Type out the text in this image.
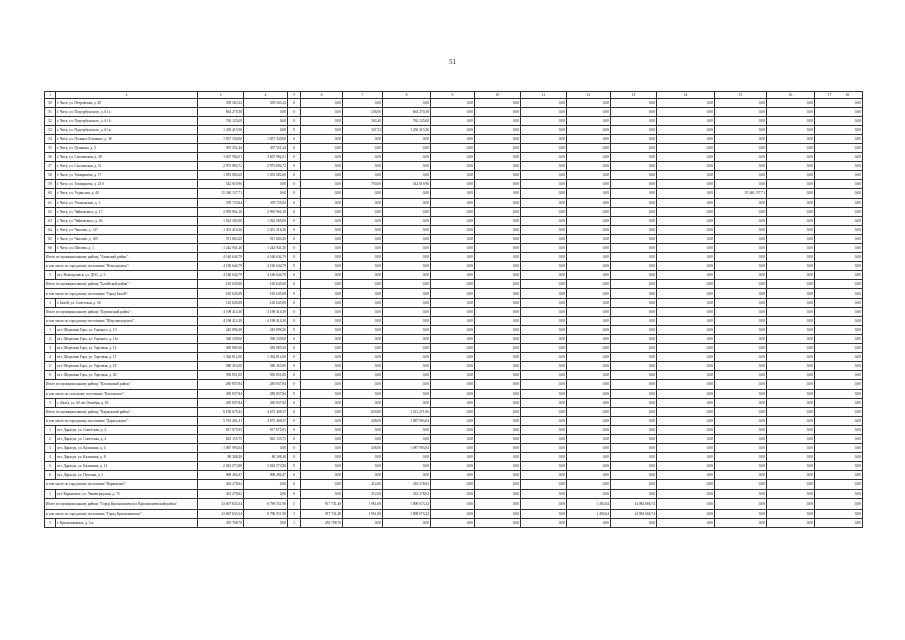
51
1	2	3	4	5	6	7	8	9	10	11	12	13	14	15	16	17 18
50	г. Чита, ул. Петровская, д. 40	339 563,32	339 563,32	0	0,00	0,00	0,00	0,00	0,00	0,00	0,00	0,00	0,00	0,00	0,00	0,00
51	г. Чита, ул. Подгорбунского, д. 61 а	664 270,38	0,00	0	0,00	258,00	664 270,38	0,00	0,00	0,00	0,00	0,00	0,00	0,00	0,00	0,00
52	г. Чита, ул. Подгорбунского, д. 61 б	762 125,00	0,00	0	0,00	302,40	762 125,00	0,00	0,00	0,00	0,00	0,00	0,00	0,00	0,00	0,00
53	г. Чита, ул. Подгорбунского, д. 61 в	1 250 415,50	0,00	0	0,00	347,33	1 250 415,50	0,00	0,00	0,00	0,00	0,00	0,00	0,00	0,00	0,00
54	г. Чита, ул. Полины Осипенко, д. 38	1 857 330,00	1 857 330,00	0	0,00	0,00	0,00	0,00	0,00	0,00	0,00	0,00	0,00	0,00	0,00	0,00
55	г. Чита, ул. Пушкина, д. 5	397 551,44	397 551,44	0	0,00	0,00	0,00	0,00	0,00	0,00	0,00	0,00	0,00	0,00	0,00	0,00
56	г. Чита, ул. Смоленская, д. 49	3 607 982,01	3 607 982,01	0	0,00	0,00	0,00	0,00	0,00	0,00	0,00	0,00	0,00	0,00	0,00	0,00
57	г. Чита, ул. Смоленская, д. 51	2 975 894,72	2 975 894,72	0	0,00	0,00	0,00	0,00	0,00	0,00	0,00	0,00	0,00	0,00	0,00	0,00
58	г. Чита, ул. Тимирязева, д. 17	1 053 082,60	1 053 082,60	0	0,00	0,00	0,00	0,00	0,00	0,00	0,00	0,00	0,00	0,00	0,00	0,00
59	г. Чита, ул. Тимирязева, д. 23 б	542 019,96	0,00	0	0,00	750,00	542 019,96	0,00	0,00	0,00	0,00	0,00	0,00	0,00	0,00	0,00
60	г. Чита, ул. Угданская, д. 40	15 340 157,71	0,00	0	0,00	0,00	0,00	0,00	0,00	0,00	0,00	0,00	0,00	15 340 157,71	0,00	0,00
61	г. Чита, ул. Ухмыльская, д. 1	478 725,84	478 725,84	0	0,00	0,00	0,00	0,00	0,00	0,00	0,00	0,00	0,00	0,00	0,00	0,00
62	г. Чита, ул. Чайковского, д. 17	2 995 962,18	2 995 962,18	0	0,00	0,00	0,00	0,00	0,00	0,00	0,00	0,00	0,00	0,00	0,00	0,00
63	г. Чита, ул. Чайковского, д. 40	1 022 365,00	1 022 365,00	0	0,00	0,00	0,00	0,00	0,00	0,00	0,00	0,00	0,00	0,00	0,00	0,00
64	г. Чита, ул. Чкалова, д. 147	1 451 416,36	1 451 416,36	0	0,00	0,00	0,00	0,00	0,00	0,00	0,00	0,00	0,00	0,00	0,00	0,00
65	г. Чита, ул. Чкалова, д. 165	911 683,20	911 683,20	0	0,00	0,00	0,00	0,00	0,00	0,00	0,00	0,00	0,00	0,00	0,00	0,00
66	г. Чита, ул. Шилова, д. 1	1 242 941,20	1 242 941,20	0	0,00	0,00	0,00	0,00	0,00	0,00	0,00	0,00	0,00	0,00	0,00	0,00
Итого по муниципальному району "Агинский район":		4 160 644,79	4 160 644,79	0	0,00	0,00	0,00	0,00	0,00	0,00	0,00	0,00	0,00	0,00	0,00	0,00
в том числе по городскому поселению "Новоорловск":		4 160 644,79	4 160 644,79	0	0,00	0,00	0,00	0,00	0,00	0,00	0,00	0,00	0,00	0,00	0,00	0,00
1	пгт. Новоорловск, ул. ДОС, д. 5	4 160 644,79	4 160 644,79	0	0,00	0,00	0,00	0,00	0,00	0,00	0,00	0,00	0,00	0,00	0,00	0,00
Итого по муниципальному району "Балейский район":		165 645,08	165 645,08	0	0,00	0,00	0,00	0,00	0,00	0,00	0,00	0,00	0,00	0,00	0,00	0,00
в том числе по городскому поселению "Город Балей":		165 645,08	165 645,08	0	0,00	0,00	0,00	0,00	0,00	0,00	0,00	0,00	0,00	0,00	0,00	0,00
1	г. Балей, ул. Советская, д. 56	165 645,08	165 645,08	0	0,00	0,00	0,00	0,00	0,00	0,00	0,00	0,00	0,00	0,00	0,00	0,00
Итого по муниципальному району "Борзинский район":		4 198 414,30	4 198 414,30	0	0,00	0,00	0,00	0,00	0,00	0,00	0,00	0,00	0,00	0,00	0,00	0,00
в том числе по городскому поселению "Шерловогорское":		4 198 414,30	4 198 414,30	0	0,00	0,00	0,00	0,00	0,00	0,00	0,00	0,00	0,00	0,00	0,00	0,00
1	пгт. Шерловая Гора, ул. Горького, д. 10	245 896,30	245 896,30	0	0,00	0,00	0,00	0,00	0,00	0,00	0,00	0,00	0,00	0,00	0,00	0,00
2	пгт. Шерловая Гора, ул. Горького, д. 11а	568 339,00	568 339,00	0	0,00	0,00	0,00	0,00	0,00	0,00	0,00	0,00	0,00	0,00	0,00	0,00
3	пгт. Шерловая Гора, ул. Торговая, д. 14	585 909,30	585 909,30	0	0,00	0,00	0,00	0,00	0,00	0,00	0,00	0,00	0,00	0,00	0,00	0,00
4	пгт. Шерловая Гора, ул. Торговая, д. 17	1 364 812,00	1 364 812,00	0	0,00	0,00	0,00	0,00	0,00	0,00	0,00	0,00	0,00	0,00	0,00	0,00
5	пгт. Шерловая Гора, ул. Торговая, д. 18	580 453,00	580 453,00	0	0,00	0,00	0,00	0,00	0,00	0,00	0,00	0,00	0,00	0,00	0,00	0,00
6	пгт. Шерловая Гора, ул. Торговая, д. 20	956 851,00	956 851,00	0	0,00	0,00	0,00	0,00	0,00	0,00	0,00	0,00	0,00	0,00	0,00	0,00
Итого по муниципальному району "Калганский район":		285 837,84	285 837,84	0	0,00	0,00	0,00	0,00	0,00	0,00	0,00	0,00	0,00	0,00	0,00	0,00
в том числе по сельскому поселению "Калганское":		285 837,84	285 837,84	0	0,00	0,00	0,00	0,00	0,00	0,00	0,00	0,00	0,00	0,00	0,00	0,00
1	с. Калга, ул. 60 лет Октября, д. 65	285 837,84	285 837,84	0	0,00	0,00	0,00	0,00	0,00	0,00	0,00	0,00	0,00	0,00	0,00	0,00
Итого по муниципальному району "Карымский район":		6 196 679,43	4 675 408,37	0	0,00	650,00	1 521 271,06	0,00	0,00	0,00	0,00	0,00	0,00	0,00	0,00	0,00
в том числе по городскому поселению "Дарасунское":		5 763 401,41	4 675 408,37	0	0,00	438,00	1 087 993,04	0,00	0,00	0,00	0,00	0,00	0,00	0,00	0,00	0,00
1	пгт. Дарасун, ул. Советская, д. 2	817 975,93	817 975,93	0	0,00	0,00	0,00	0,00	0,00	0,00	0,00	0,00	0,00	0,00	0,00	0,00
2	пгт. Дарасун, ул. Советская, д. 4	825 155,75	825 155,75	0	0,00	0,00	0,00	0,00	0,00	0,00	0,00	0,00	0,00	0,00	0,00	0,00
3	пгт. Дарасун, ул. Калинина, д. 4	1 087 993,04	0,00	0	0,00	438,00	1 087 993,04	0,00	0,00	0,00	0,00	0,00	0,00	0,00	0,00	0,00
4	пгт. Дарасун, ул. Калинина, д. 8	80 208,40	80 208,40	0	0,00	0,00	0,00	0,00	0,00	0,00	0,00	0,00	0,00	0,00	0,00	0,00
5	пгт. Дарасун, ул. Калинина, д. 12	2 043 573,80	2 043 573,80	0	0,00	0,00	0,00	0,00	0,00	0,00	0,00	0,00	0,00	0,00	0,00	0,00
6	пгт. Дарасун, ул. Пехтина, д. 1	908 494,47	908 494,47	0	0,00	0,00	0,00	0,00	0,00	0,00	0,00	0,00	0,00	0,00	0,00	0,00
в том числе по городскому поселению "Карымское":		433 278,02	0,00	0	0,00	212,00	433 278,02	0,00	0,00	0,00	0,00	0,00	0,00	0,00	0,00	0,00
1	пгт. Карымское, ул. Ленинградская, д. 74	433 278,02	0,00	0	0,00	212,00	433 278,02	0,00	0,00	0,00	0,00	0,00	0,00	0,00	0,00	0,00
Итого по муниципальному району "Город Краснокаменск и Краснокаменский район":		23 607 633,34	6 796 551,98	3	917 741,48	1 961,00	1 808 673,32	0,00	0,00	0,00	1 492,64	14 082 666,74	0,00	0,00	0,00	0,00
в том числе по городскому поселению "Город Краснокаменск":		23 607 633,34	6 796 551,98	3	917 741,48	1 961,00	1 808 673,32	0,00	0,00	0,00	1 492,64	14 082 666,74	0,00	0,00	0,00	0,00
1	г. Краснокаменск, д. 3 н	455 708,70	0,00	1	455 708,70	0,00	0,00	0,00	0,00	0,00	0,00	0,00	0,00	0,00	0,00	0,00
